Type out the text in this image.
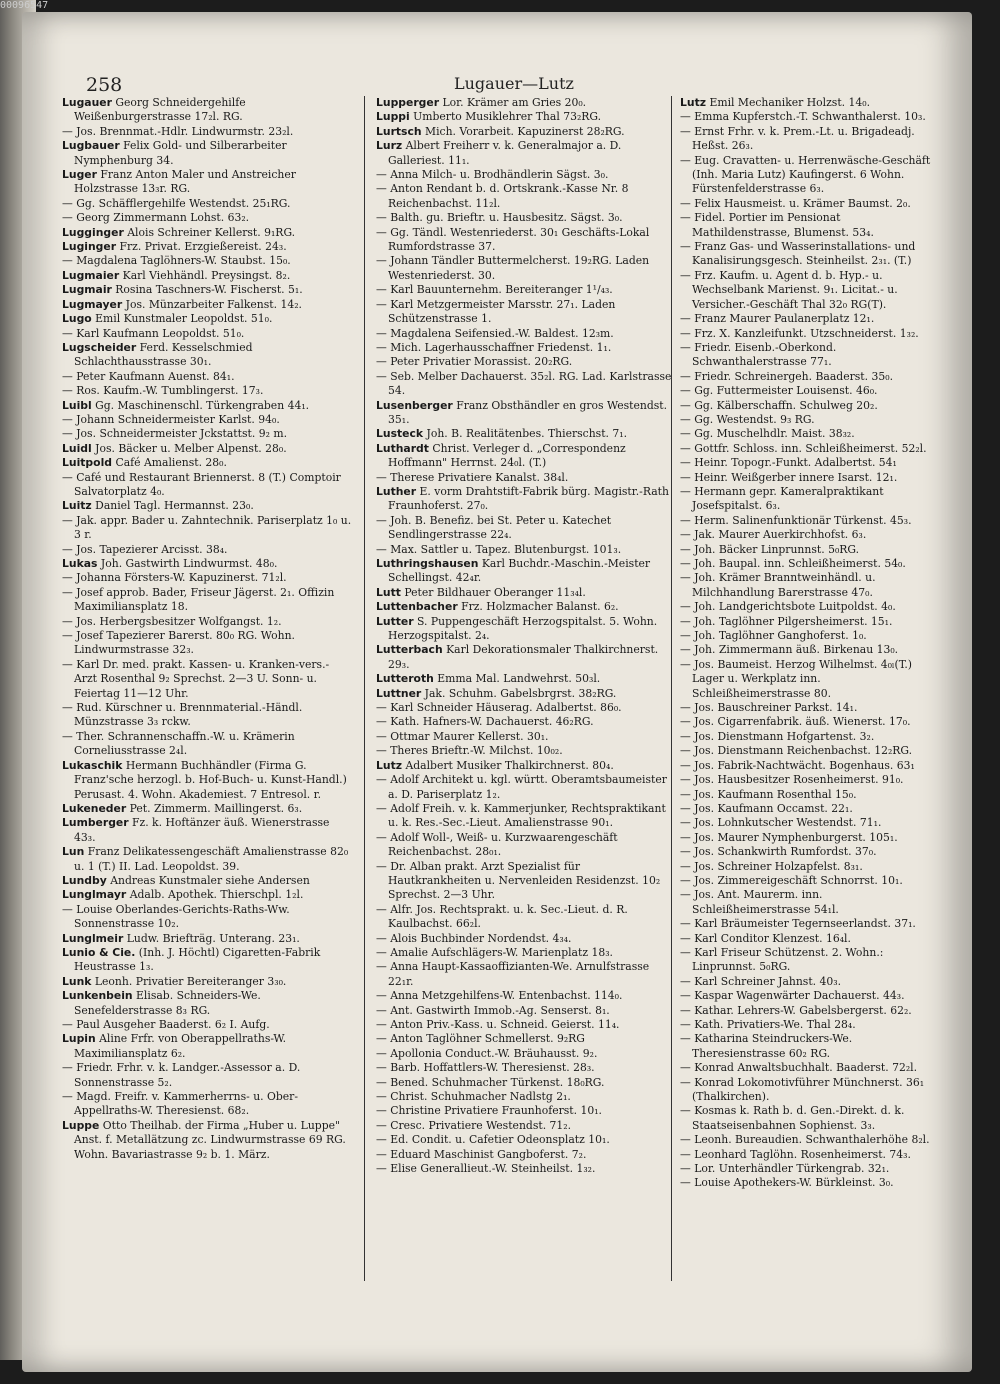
00096547
258	Lugauer—Lutz

Lugauer Georg Schneidergehilfe Weißenburgerstrasse 17₂l. RG.

— Jos. Brennmat.-Hdlr. Lindwurmstr. 23₂l.

Lugbauer Felix Gold- und Silberarbeiter Nymphenburg 34.

Luger Franz Anton Maler und Anstreicher Holzstrasse 13₃r. RG.

— Gg. Schäfflergehilfe Westendst. 25₁RG.

— Georg Zimmermann Lohst. 63₂.

Lugginger Alois Schreiner Kellerst. 9₁RG.

Luginger Frz. Privat. Erzgießereist. 24₃.

— Magdalena Taglöhners-W. Staubst. 15₀.

Lugmaier Karl Viehhändl. Preysingst. 8₂.

Lugmair Rosina Taschners-W. Fischerst. 5₁.

Lugmayer Jos. Münzarbeiter Falkenst. 14₂.

Lugo Emil Kunstmaler Leopoldst. 51₀.

— Karl Kaufmann Leopoldst. 51₀.

Lugscheider Ferd. Kesselschmied Schlachthausstrasse 30₁.

— Peter Kaufmann Auenst. 84₁.

— Ros. Kaufm.-W. Tumblingerst. 17₃.

Luibl Gg. Maschinenschl. Türkengraben 44₁.

— Johann Schneidermeister Karlst. 94₀.

— Jos. Schneidermeister Jckstattst. 9₂ m.

Luidl Jos. Bäcker u. Melber Alpenst. 28₀.

Luitpold Café Amalienst. 28₀.

— Café und Restaurant Briennerst. 8 (T.) Comptoir Salvatorplatz 4₀.

Luitz Daniel Tagl. Hermannst. 23₀.

— Jak. appr. Bader u. Zahntechnik. Pariserplatz 1₀ u. 3 r.

— Jos. Tapezierer Arcisst. 38₄.

Lukas Joh. Gastwirth Lindwurmst. 48₀.

— Johanna Försters-W. Kapuzinerst. 71₂l.

— Josef approb. Bader, Friseur Jägerst. 2₁. Offizin Maximiliansplatz 18.

— Jos. Herbergsbesitzer Wolfgangst. 1₂.

— Josef Tapezierer Barerst. 80₀ RG. Wohn. Lindwurmstrasse 32₃.

— Karl Dr. med. prakt. Kassen- u. Kranken-vers.-Arzt Rosenthal 9₂ Sprechst. 2—3 U. Sonn- u. Feiertag 11—12 Uhr.

— Rud. Kürschner u. Brennmaterial.-Händl. Münzstrasse 3₃ rckw.

— Ther. Schrannenschaffn.-W. u. Krämerin Corneliusstrasse 2₄l.

Lukaschik Hermann Buchhändler (Firma G. Franz'sche herzogl. b. Hof-Buch- u. Kunst-Handl.) Perusast. 4. Wohn. Akademiest. 7 Entresol. r.

Lukeneder Pet. Zimmerm. Maillingerst. 6₃.

Lumberger Fz. k. Hoftänzer äuß. Wienerstrasse 43₃.

Lun Franz Delikatessengeschäft Amalienstrasse 82₀ u. 1 (T.) II. Lad. Leopoldst. 39.

Lundby Andreas Kunstmaler siehe Andersen

Lunglmayr Adalb. Apothek. Thierschpl. 1₂l.

— Louise Oberlandes-Gerichts-Raths-Ww. Sonnenstrasse 10₂.

Lunglmeir Ludw. Briefträg. Unterang. 23₁.

Lunio & Cie. (Inh. J. Höchtl) Cigaretten-Fabrik Heustrasse 1₃.

Lunk Leonh. Privatier Bereiteranger 3₃₀.

Lunkenbein Elisab. Schneiders-We. Senefelderstrasse 8₃ RG.

— Paul Ausgeher Baaderst. 6₂ I. Aufg.

Lupin Aline Frfr. von Oberappellraths-W. Maximiliansplatz 6₂.

— Friedr. Frhr. v. k. Landger.-Assessor a. D. Sonnenstrasse 5₂.

— Magd. Freifr. v. Kammerherrns- u. Ober-Appellraths-W. Theresienst. 68₂.

Luppe Otto Theilhab. der Firma „Huber u. Luppe" Anst. f. Metallätzung zc. Lindwurmstrasse 69 RG. Wohn. Bavariastrasse 9₂ b. 1. März.

Lupperger Lor. Krämer am Gries 20₀.

Luppi Umberto Musiklehrer Thal 73₂RG.

Lurtsch Mich. Vorarbeit. Kapuzinerst 28₂RG.

Lurz Albert Freiherr v. k. Generalmajor a. D. Galleriest. 11₁.

— Anna Milch- u. Brodhändlerin Sägst. 3₀.

— Anton Rendant b. d. Ortskrank.-Kasse Nr. 8 Reichenbachst. 11₂l.

— Balth. gu. Brieftr. u. Hausbesitz. Sägst. 3₀.

— Gg. Tändl. Westenriederst. 30₁ Geschäfts-Lokal Rumfordstrasse 37.

— Johann Tändler Buttermelcherst. 19₂RG. Laden Westenriederst. 30.

— Karl Bauunternehm. Bereiteranger 1¹/₄₃.

— Karl Metzgermeister Marsstr. 27₁. Laden Schützenstrasse 1.

— Magdalena Seifensied.-W. Baldest. 12₃m.

— Mich. Lagerhausschaffner Friedenst. 1₁.

— Peter Privatier Morassist. 20₂RG.

— Seb. Melber Dachauerst. 35₂l. RG. Lad. Karlstrasse 54.

Lusenberger Franz Obsthändler en gros Westendst. 35₁.

Lusteck Joh. B. Realitätenbes. Thierschst. 7₁.

Luthardt Christ. Verleger d. „Correspondenz Hoffmann" Herrnst. 24₀l. (T.)

— Therese Privatiere Kanalst. 38₄l.

Luther E. vorm Drahtstift-Fabrik bürg. Magistr.-Rath Fraunhoferst. 27₀.

— Joh. B. Benefiz. bei St. Peter u. Katechet Sendlingerstrasse 22₄.

— Max. Sattler u. Tapez. Blutenburgst. 101₃.

Luthringshausen Karl Buchdr.-Maschin.-Meister Schellingst. 42₄r.

Lutt Peter Bildhauer Oberanger 11₃₄l.

Luttenbacher Frz. Holzmacher Balanst. 6₂.

Lutter S. Puppengeschäft Herzogspitalst. 5. Wohn. Herzogspitalst. 2₄.

Lutterbach Karl Dekorationsmaler Thalkirchnerst. 29₃.

Lutteroth Emma Mal. Landwehrst. 50₃l.

Luttner Jak. Schuhm. Gabelsbrgrst. 38₂RG.

— Karl Schneider Häuserag. Adalbertst. 86₀.

— Kath. Hafners-W. Dachauerst. 46₂RG.

— Ottmar Maurer Kellerst. 30₁.

— Theres Brieftr.-W. Milchst. 10₀₂.

Lutz Adalbert Musiker Thalkirchnerst. 80₄.

— Adolf Architekt u. kgl. württ. Oberamtsbaumeister a. D. Pariserplatz 1₂.

— Adolf Freih. v. k. Kammerjunker, Rechtspraktikant u. k. Res.-Sec.-Lieut. Amalienstrasse 90₁.

— Adolf Woll-, Weiß- u. Kurzwaarengeschäft Reichenbachst. 28₀₁.

— Dr. Alban prakt. Arzt Spezialist für Hautkrankheiten u. Nervenleiden Residenzst. 10₂ Sprechst. 2—3 Uhr.

— Alfr. Jos. Rechtsprakt. u. k. Sec.-Lieut. d. R. Kaulbachst. 66₂l.

— Alois Buchbinder Nordendst. 4₃₄.

— Amalie Aufschlägers-W. Marienplatz 18₃.

— Anna Haupt-Kassaoffizianten-We. Arnulfstrasse 22₁r.

— Anna Metzgehilfens-W. Entenbachst. 114₀.

— Ant. Gastwirth Immob.-Ag. Senserst. 8₁.

— Anton Priv.-Kass. u. Schneid. Geierst. 11₄.

— Anton Taglöhner Schmellerst. 9₂RG

— Apollonia Conduct.-W. Bräuhausst. 9₂.

— Barb. Hoffattlers-W. Theresienst. 28₃.

— Bened. Schuhmacher Türkenst. 18₀RG.

— Christ. Schuhmacher Nadlstg 2₁.

— Christine Privatiere Fraunhoferst. 10₁.

— Cresc. Privatiere Westendst. 71₂.

— Ed. Condit. u. Cafetier Odeonsplatz 10₁.

— Eduard Maschinist Gangboferst. 7₂.

— Elise Generallieut.-W. Steinheilst. 1₃₂.

Lutz Emil Mechaniker Holzst. 14₀.

— Emma Kupferstch.-T. Schwanthalerst. 10₃.

— Ernst Frhr. v. k. Prem.-Lt. u. Brigadeadj. Heßst. 26₃.

— Eug. Cravatten- u. Herrenwäsche-Geschäft (Inh. Maria Lutz) Kaufingerst. 6 Wohn. Fürstenfelderstrasse 6₃.

— Felix Hausmeist. u. Krämer Baumst. 2₀.

— Fidel. Portier im Pensionat Mathildenstrasse, Blumenst. 53₄.

— Franz Gas- und Wasserinstallations- und Kanalisirungsgesch. Steinheilst. 2₃₁. (T.)

— Frz. Kaufm. u. Agent d. b. Hyp.- u. Wechselbank Marienst. 9₁. Licitat.- u. Versicher.-Geschäft Thal 32₀ RG(T).

— Franz Maurer Paulanerplatz 12₁.

— Frz. X. Kanzleifunkt. Utzschneiderst. 1₃₂.

— Friedr. Eisenb.-Oberkond. Schwanthalerstrasse 77₁.

— Friedr. Schreinergeh. Baaderst. 35₀.

— Gg. Futtermeister Louisenst. 46₀.

— Gg. Kälberschaffn. Schulweg 20₂.

— Gg. Westendst. 9₃ RG.

— Gg. Muschelhdlr. Maist. 38₃₂.

— Gottfr. Schloss. inn. Schleißheimerst. 52₂l.

— Heinr. Topogr.-Funkt. Adalbertst. 54₁

— Heinr. Weißgerber innere Isarst. 12₁.

— Hermann gepr. Kameralpraktikant Josefspitalst. 6₃.

— Herm. Salinenfunktionär Türkenst. 45₃.

— Jak. Maurer Auerkirchhofst. 6₃.

— Joh. Bäcker Linprunnst. 5₀RG.

— Joh. Baupal. inn. Schleißheimerst. 54₀.

— Joh. Krämer Branntweinhändl. u. Milchhandlung Barerstrasse 47₀.

— Joh. Landgerichtsbote Luitpoldst. 4₀.

— Joh. Taglöhner Pilgersheimerst. 15₁.

— Joh. Taglöhner Ganghoferst. 1₀.

— Joh. Zimmermann äuß. Birkenau 13₀.

— Jos. Baumeist. Herzog Wilhelmst. 4₀ₗ(T.) Lager u. Werkplatz inn. Schleißheimerstrasse 80.

— Jos. Bauschreiner Parkst. 14₁.

— Jos. Cigarrenfabrik. äuß. Wienerst. 17₀.

— Jos. Dienstmann Hofgartenst. 3₂.

— Jos. Dienstmann Reichenbachst. 12₂RG.

— Jos. Fabrik-Nachtwächt. Bogenhaus. 63₁

— Jos. Hausbesitzer Rosenheimerst. 91₀.

— Jos. Kaufmann Rosenthal 15₀.

— Jos. Kaufmann Occamst. 22₁.

— Jos. Lohnkutscher Westendst. 71₁.

— Jos. Maurer Nymphenburgerst. 105₁.

— Jos. Schankwirth Rumfordst. 37₀.

— Jos. Schreiner Holzapfelst. 8₃₁.

— Jos. Zimmereigeschäft Schnorrst. 10₁.

— Jos. Ant. Maurerm. inn. Schleißheimerstrasse 54₁l.

— Karl Bräumeister Tegernseerlandst. 37₁.

— Karl Conditor Klenzest. 16₄l.

— Karl Friseur Schützenst. 2. Wohn.: Linprunnst. 5₀RG.

— Karl Schreiner Jahnst. 40₃.

— Kaspar Wagenwärter Dachauerst. 44₃.

— Kathar. Lehrers-W. Gabelsbergerst. 62₂.

— Kath. Privatiers-We. Thal 28₄.

— Katharina Steindruckers-We. Theresienstrasse 60₂ RG.

— Konrad Anwaltsbuchhalt. Baaderst. 72₂l.

— Konrad Lokomotivführer Münchnerst. 36₁ (Thalkirchen).

— Kosmas k. Rath b. d. Gen.-Direkt. d. k. Staatseisenbahnen Sophienst. 3₃.

— Leonh. Bureaudien. Schwanthalerhöhe 8₂l.

— Leonhard Taglöhn. Rosenheimerst. 74₃.

— Lor. Unterhändler Türkengrab. 32₁.

— Louise Apothekers-W. Bürkleinst. 3₀.
